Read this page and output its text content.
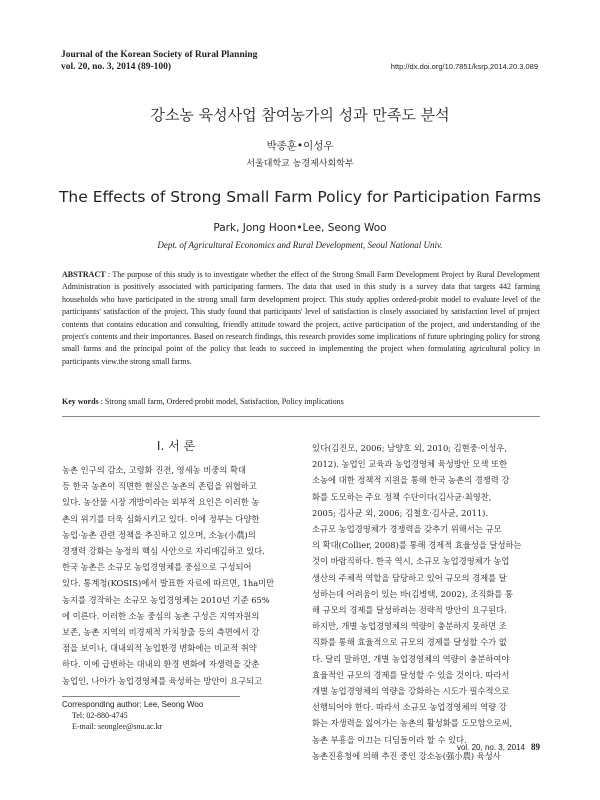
Journal of the Korean Society of Rural Planning
vol. 20, no. 3, 2014 (89-100)	http://dx.doi.org/10.7851/ksrp.2014.20.3.089
강소농 육성사업 참여농가의 성과 만족도 분석
박종훈•이성우
서울대학교 농경제사회학부
The Effects of Strong Small Farm Policy for Participation Farms
Park, Jong Hoon•Lee, Seong Woo
Dept. of Agricultural Economics and Rural Development, Seoul National Univ.
ABSTRACT : The purpose of this study is to investigate whether the effect of the Strong Small Farm Development Project by Rural Development Administration is positively associated with participating farmers. The data that used in this study is a survey data that targets 442 farming households who have participated in the strong small farm development project. This study applies ordered-probit model to evaluate level of the participants' satisfaction of the project. This study found that participants' level of satisfaction is closely associated by satisfaction level of project contents that contains education and consulting, friendly attitude toward the project, active participation of the project, and understanding of the project's contents and their importances. Based on research findings, this research provides some implications of future upbringing policy for strong small farms and the principal point of the policy that leads to succeed in implementing the project when formulating agricultural policy in participants view.the strong small farms.
Key words : Strong small farm, Ordered probit model, Satisfaction, Policy implications
Ⅰ. 서 론
농촌 인구의 감소, 고령화 진전, 영세농 비중의 확대
등 한국 농촌이 직면한 현실은 농촌의 존립을 위협하고
있다. 농산물 시장 개방이라는 외부적 요인은 이러한 농
촌의 위기를 더욱 심화시키고 있다. 이에 정부는 다양한
농업·농촌 관련 정책을 추진하고 있으며, 소농(小農)의
경쟁력 강화는 농정의 핵심 사안으로 자리매김하고 있다.
한국 농촌은 소규모 농업경영체를 중심으로 구성되어
있다. 통계청(KOSIS)에서 발표한 자료에 따르면, 1ha미만
농지를 경작하는 소규모 농업경영체는 2010년 기준 65%
에 이른다. 이러한 소농 중심의 농촌 구성은 지역자원의
보존, 농촌 지역의 비경제적 가치창출 등의 측면에서 강
점을 보이나, 대내외적 농업환경 변화에는 비교적 취약
하다. 이에 급변하는 대내외 환경 변화에 자생력을 갖춘
농업인, 나아가 농업경영체를 육성하는 방안이 요구되고
있다(김진모, 2006; 남양호 외, 2010; 김현중·이성우,
2012). 농업인 교육과 농업경영체 육성방안 모색 또한
소농에 대한 정책적 지원을 통해 한국 농촌의 경쟁력 강
화를 도모하는 주요 정책 수단이다(김사균·최영찬,
2005; 김사균 외, 2006; 김철호·김사균, 2011).
소규모 농업경영체가 경쟁력을 갖추기 위해서는 규모
의 확대(Collier, 2008)를 통해 경제적 효율성을 달성하는
것이 바람직하다. 한국 역시, 소규모 농업경영체가 농업
생산의 주체적 역할을 담당하고 있어 규모의 경제를 달
성하는데 어려움이 있는 바(김병택, 2002), 조직화를 통
해 규모의 경제를 달성하려는 전략적 방안이 요구된다.
하지만, 개별 농업경영체의 역량이 충분하지 못하면 조
직화를 통해 효율적으로 규모의 경제를 달성할 수가 없
다. 달리 말하면, 개별 농업경영체의 역량이 충분하여야
효율적인 규모의 경제를 달성할 수 있을 것이다. 따라서
개별 농업경영체의 역량을 강화하는 시도가 필수적으로
선행되어야 한다. 따라서 소규모 농업경영체의 역량 강
화는 자생력을 잃어가는 농촌의 활성화를 도모함으로써,
농촌 부흥을 이끄는 디딤돌이라 할 수 있다.
농촌진흥청에 의해 추진 중인 강소농(强小農) 육성사
Corresponding author: Lee, Seong Woo
Tel: 02-880-4745
E-mail: seonglee@snu.ac.kr
vol. 20, no. 3, 2014 89
